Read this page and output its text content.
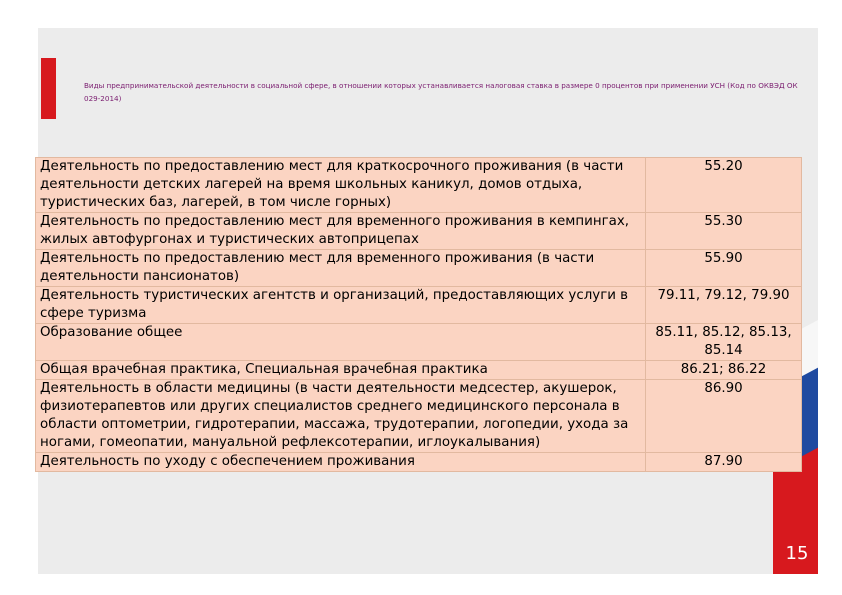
Виды предпринимательской деятельности в социальной сфере, в отношении которых устанавливается налоговая ставка в размере 0 процентов при применении УСН (Код по ОКВЭД ОК 029-2014)
Деятельность по предоставлению мест для краткосрочного проживания (в части деятельности детских лагерей на время школьных каникул, домов отдыха, туристических баз, лагерей, в том числе горных)	55.20
Деятельность по предоставлению мест для временного проживания в кемпингах, жилых автофургонах и туристических автоприцепах	55.30
Деятельность по предоставлению мест для временного проживания (в части деятельности пансионатов)	55.90
Деятельность туристических агентств и организаций, предоставляющих услуги в сфере туризма	79.11, 79.12, 79.90
Образование общее	85.11, 85.12, 85.13, 85.14
Общая врачебная практика, Специальная врачебная практика	86.21; 86.22
Деятельность в области медицины (в части деятельности медсестер, акушерок, физиотерапевтов или других специалистов среднего медицинского персонала в области оптометрии, гидротерапии, массажа, трудотерапии, логопедии, ухода за ногами, гомеопатии, мануальной рефлексотерапии, иглоукалывания)	86.90
Деятельность по уходу с обеспечением проживания	87.90
15
